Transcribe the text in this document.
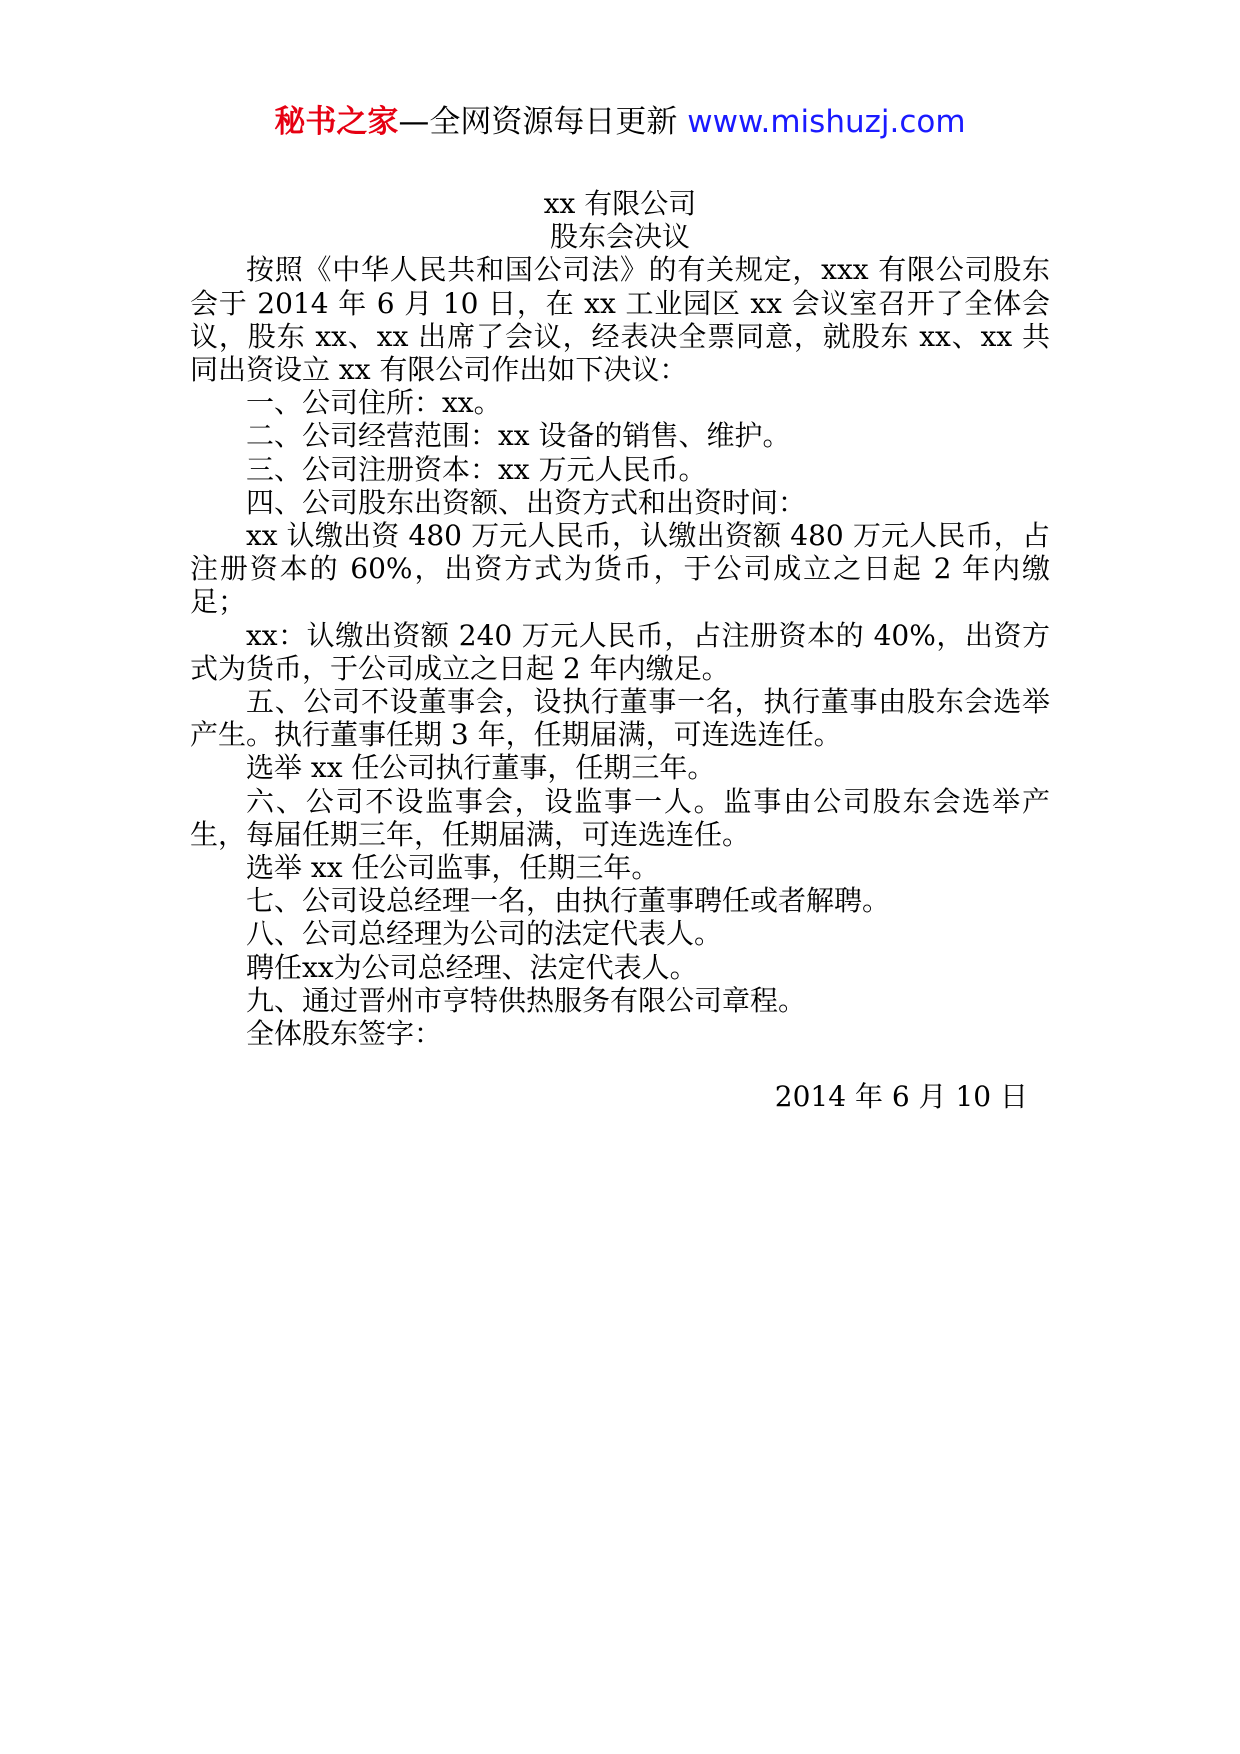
秘书之家—全网资源每日更新 www.mishuzj.com

xx 有限公司

股东会决议

按照《中华人民共和国公司法》的有关规定，xxx 有限公司股东会于 2014 年 6 月 10 日，在 xx 工业园区 xx 会议室召开了全体会议，股东 xx、xx 出席了会议，经表决全票同意，就股东 xx、xx 共同出资设立 xx 有限公司作出如下决议：

一、公司住所：xx。

二、公司经营范围：xx 设备的销售、维护。

三、公司注册资本：xx 万元人民币。

四、公司股东出资额、出资方式和出资时间：

xx 认缴出资 480 万元人民币，认缴出资额 480 万元人民币，占注册资本的 60%，出资方式为货币，于公司成立之日起 2 年内缴足；

xx：认缴出资额 240 万元人民币，占注册资本的 40%，出资方式为货币，于公司成立之日起 2 年内缴足。

五、公司不设董事会，设执行董事一名，执行董事由股东会选举产生。执行董事任期 3 年，任期届满，可连选连任。

选举 xx 任公司执行董事，任期三年。

六、公司不设监事会，设监事一人。监事由公司股东会选举产生，每届任期三年，任期届满，可连选连任。

选举 xx 任公司监事，任期三年。

七、公司设总经理一名，由执行董事聘任或者解聘。

八、公司总经理为公司的法定代表人。

聘任xx为公司总经理、法定代表人。

九、通过晋州市亨特供热服务有限公司章程。

全体股东签字：

2014 年 6 月 10 日
